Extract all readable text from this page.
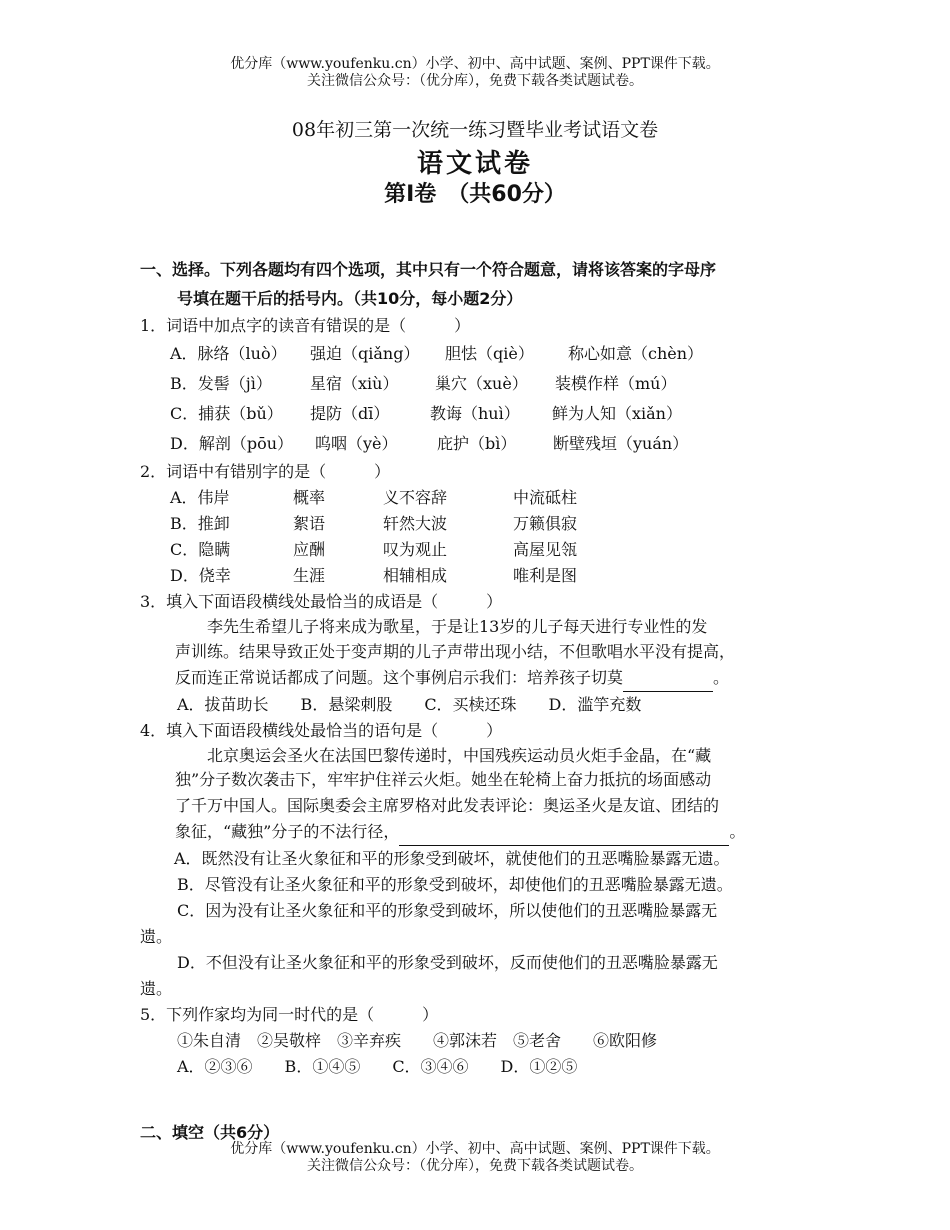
优分库（www.youfenku.cn）小学、初中、高中试题、案例、PPT课件下载。
关注微信公众号：（优分库），免费下载各类试题试卷。
08年初三第一次统一练习暨毕业考试语文卷
语文试卷
第Ⅰ卷　（共60分）
一、选择。下列各题均有四个选项，其中只有一个符合题意，请将该答案的字母序
号填在题干后的括号内。（共10分，每小题2分）
1．词语中加点字的读音有错误的是（　　　）
A．脉络（luò）	强迫（qiǎng）	胆怯（qiè）	称心如意（chèn）
B．发髻（jì）	星宿（xiù）	巢穴（xuè）	装模作样（mú）
C．捕获（bǔ）	提防（dī）	教诲（huì）	鲜为人知（xiǎn）
D．解剖（pōu）	呜咽（yè）	庇护（bì）	断壁残垣（yuán）
2．词语中有错别字的是（　　　）
A．伟岸	概率	义不容辞	中流砥柱
B．推卸	絮语	轩然大波	万籁俱寂
C．隐瞒	应酬	叹为观止	高屋见瓴
D．侥幸	生涯	相辅相成	唯利是图
3．填入下面语段横线处最恰当的成语是（　　　）
李先生希望儿子将来成为歌星，于是让13岁的儿子每天进行专业性的发
声训练。结果导致正处于变声期的儿子声带出现小结，不但歌唱水平没有提高，
反而连正常说话都成了问题。这个事例启示我们：培养孩子切莫	。
A．拔苗助长　　B．悬梁刺股　　C．买椟还珠　　D．滥竽充数
4．填入下面语段横线处最恰当的语句是（　　　）
北京奥运会圣火在法国巴黎传递时，中国残疾运动员火炬手金晶，在“藏
独”分子数次袭击下，牢牢护住祥云火炬。她坐在轮椅上奋力抵抗的场面感动
了千万中国人。国际奥委会主席罗格对此发表评论：奥运圣火是友谊、团结的
象征，“藏独”分子的不法行径，	。
A．既然没有让圣火象征和平的形象受到破坏，就使他们的丑恶嘴脸暴露无遗。
B．尽管没有让圣火象征和平的形象受到破坏，却使他们的丑恶嘴脸暴露无遗。
C．因为没有让圣火象征和平的形象受到破坏，所以使他们的丑恶嘴脸暴露无
遗。
D．不但没有让圣火象征和平的形象受到破坏，反而使他们的丑恶嘴脸暴露无
遗。
5．下列作家均为同一时代的是（　　　）
①朱自清　②吴敬梓　③辛弃疾　　④郭沫若　⑤老舍　　⑥欧阳修
A．②③⑥　　B．①④⑤　　C．③④⑥　　D．①②⑤
二、填空（共6分）
优分库（www.youfenku.cn）小学、初中、高中试题、案例、PPT课件下载。
关注微信公众号：（优分库），免费下载各类试题试卷。
